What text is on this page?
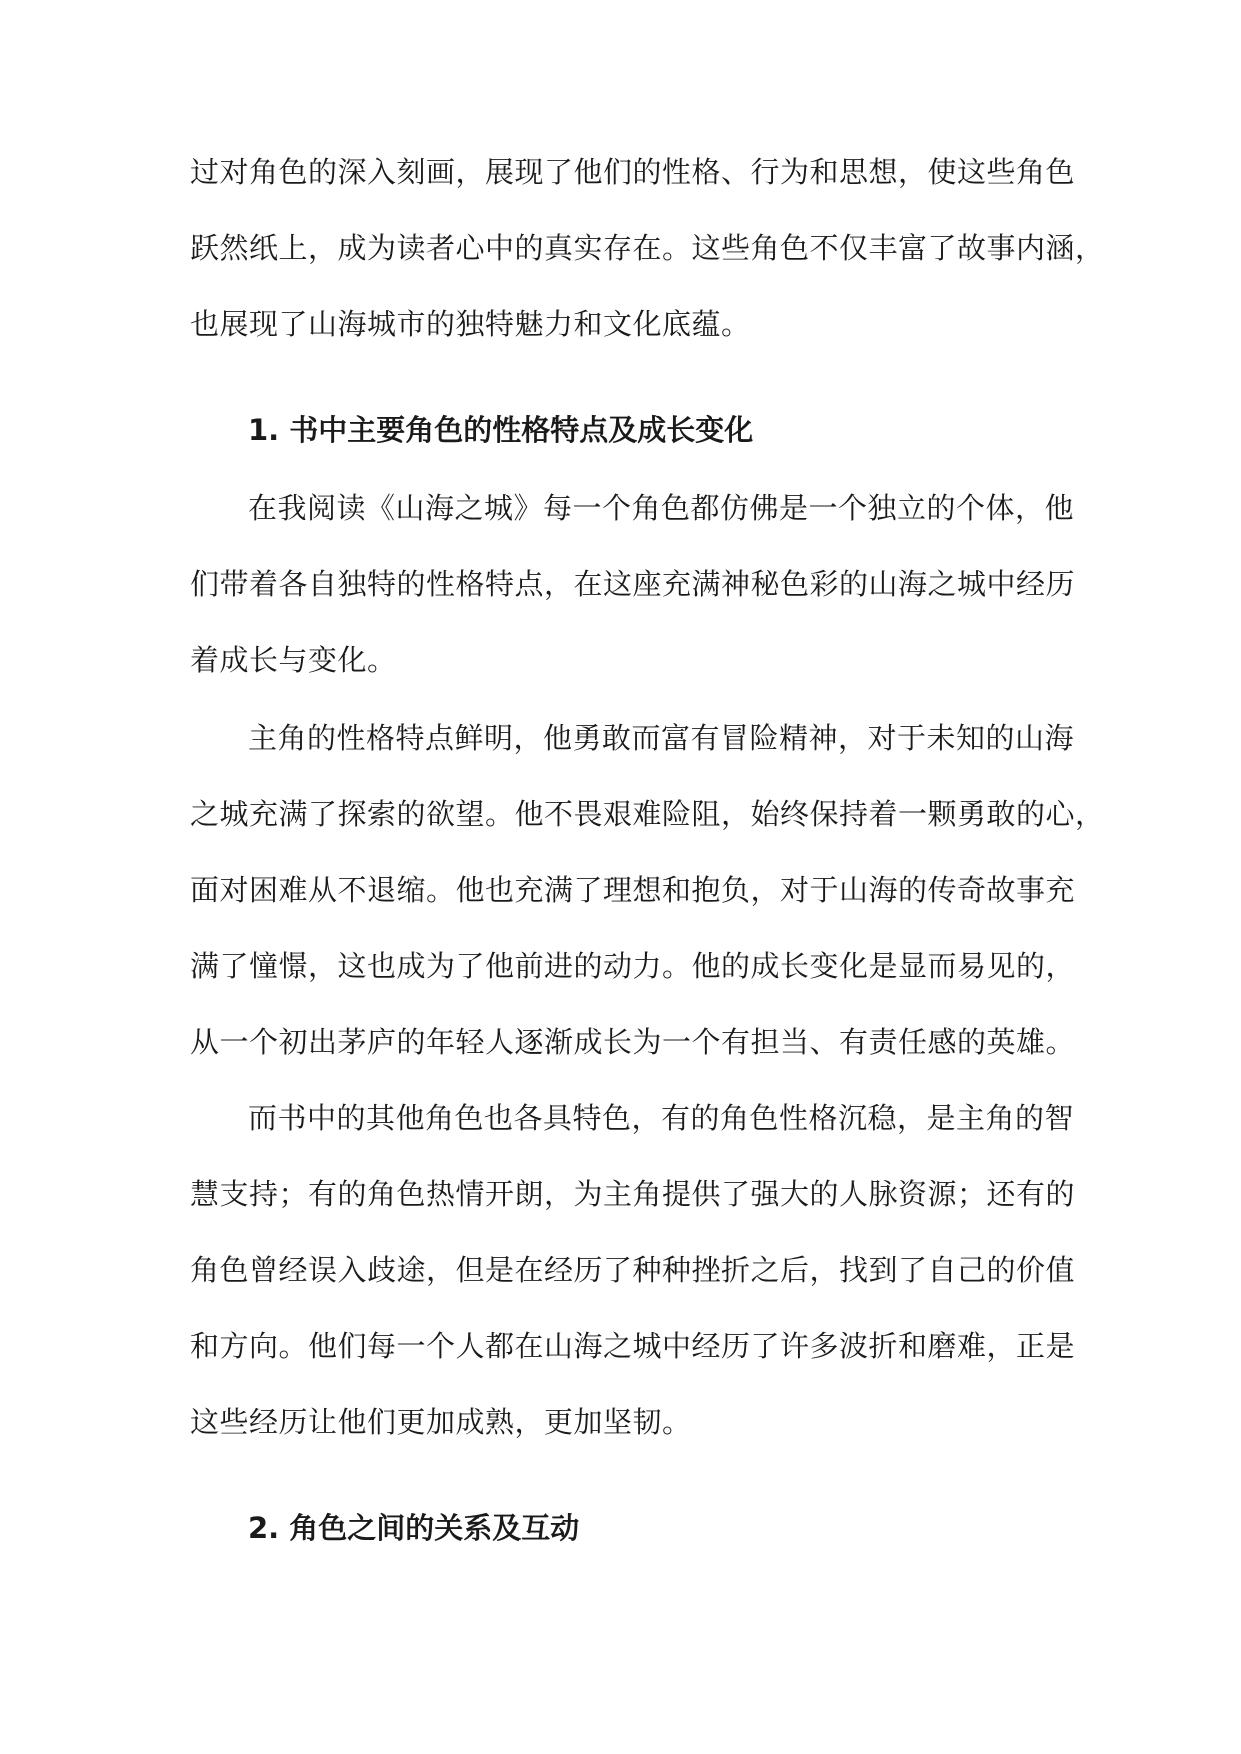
过对角色的深入刻画，展现了他们的性格、行为和思想，使这些角色
跃然纸上，成为读者心中的真实存在。这些角色不仅丰富了故事内涵，
也展现了山海城市的独特魅力和文化底蕴。
1. 书中主要角色的性格特点及成长变化
在我阅读《山海之城》每一个角色都仿佛是一个独立的个体，他
们带着各自独特的性格特点，在这座充满神秘色彩的山海之城中经历
着成长与变化。
主角的性格特点鲜明，他勇敢而富有冒险精神，对于未知的山海
之城充满了探索的欲望。他不畏艰难险阻，始终保持着一颗勇敢的心，
面对困难从不退缩。他也充满了理想和抱负，对于山海的传奇故事充
满了憧憬，这也成为了他前进的动力。他的成长变化是显而易见的，
从一个初出茅庐的年轻人逐渐成长为一个有担当、有责任感的英雄。
而书中的其他角色也各具特色，有的角色性格沉稳，是主角的智
慧支持；有的角色热情开朗，为主角提供了强大的人脉资源；还有的
角色曾经误入歧途，但是在经历了种种挫折之后，找到了自己的价值
和方向。他们每一个人都在山海之城中经历了许多波折和磨难，正是
这些经历让他们更加成熟，更加坚韧。
2. 角色之间的关系及互动
